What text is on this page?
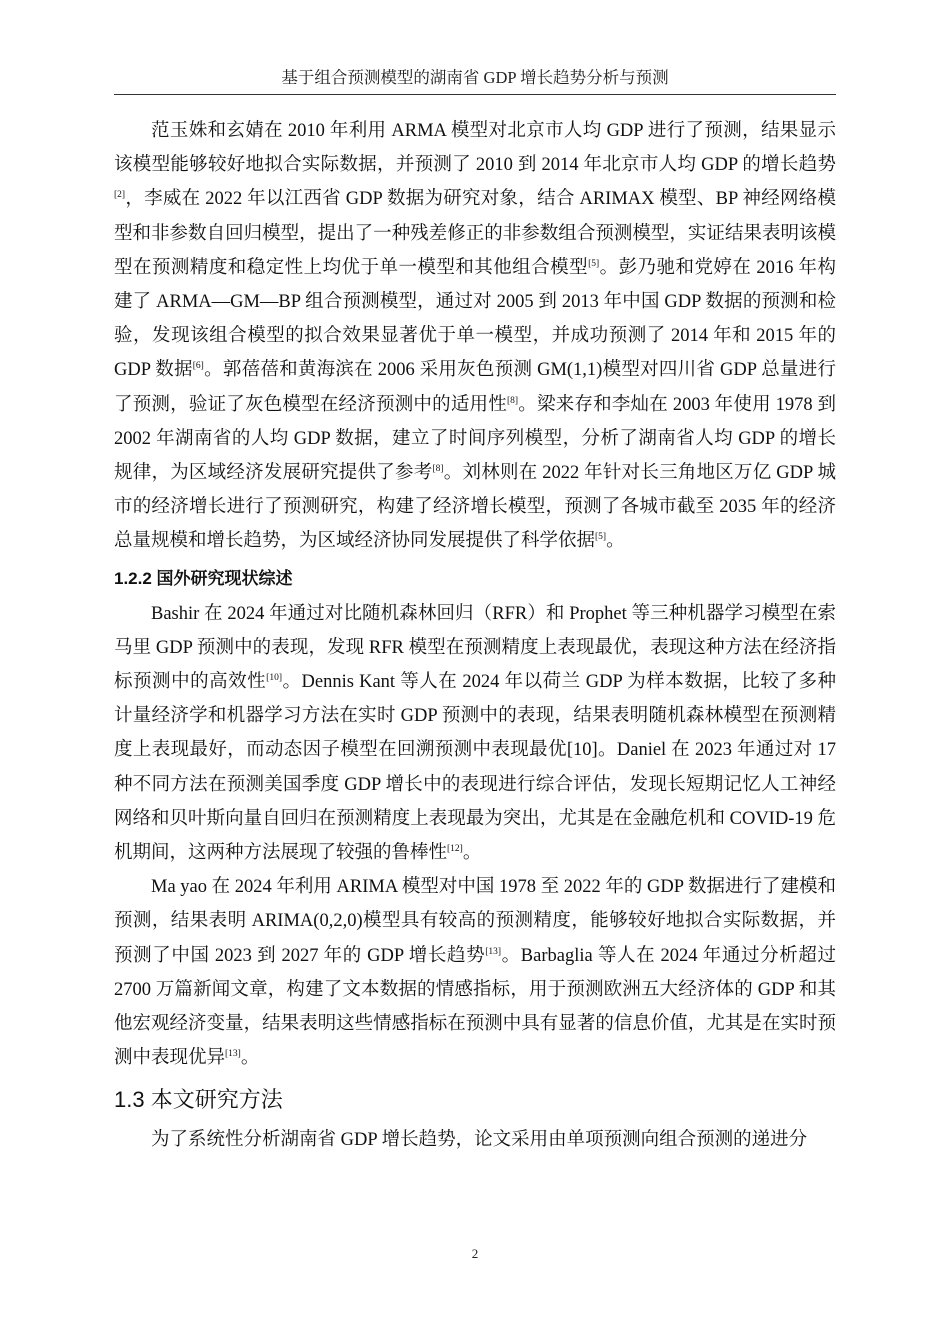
基于组合预测模型的湖南省 GDP 增长趋势分析与预测

范玉姝和玄婧在 2010 年利用 ARMA 模型对北京市人均 GDP 进行了预测，结果显示该模型能够较好地拟合实际数据，并预测了 2010 到 2014 年北京市人均 GDP 的增长趋势[2]，李威在 2022 年以江西省 GDP 数据为研究对象，结合 ARIMAX 模型、BP 神经网络模型和非参数自回归模型，提出了一种残差修正的非参数组合预测模型，实证结果表明该模型在预测精度和稳定性上均优于单一模型和其他组合模型[5]。彭乃驰和党婷在 2016 年构建了 ARMA—GM—BP 组合预测模型，通过对 2005 到 2013 年中国 GDP 数据的预测和检验，发现该组合模型的拟合效果显著优于单一模型，并成功预测了 2014 年和 2015 年的 GDP 数据[6]。郭蓓蓓和黄海滨在 2006 采用灰色预测 GM(1,1)模型对四川省 GDP 总量进行了预测，验证了灰色模型在经济预测中的适用性[8]。梁来存和李灿在 2003 年使用 1978 到 2002 年湖南省的人均 GDP 数据，建立了时间序列模型，分析了湖南省人均 GDP 的增长规律，为区域经济发展研究提供了参考[8]。刘林则在 2022 年针对长三角地区万亿 GDP 城市的经济增长进行了预测研究，构建了经济增长模型，预测了各城市截至 2035 年的经济总量规模和增长趋势，为区域经济协同发展提供了科学依据[5]。

1.2.2 国外研究现状综述

Bashir 在 2024 年通过对比随机森林回归（RFR）和 Prophet 等三种机器学习模型在索马里 GDP 预测中的表现，发现 RFR 模型在预测精度上表现最优，表现这种方法在经济指标预测中的高效性[10]。Dennis Kant 等人在 2024 年以荷兰 GDP 为样本数据，比较了多种计量经济学和机器学习方法在实时 GDP 预测中的表现，结果表明随机森林模型在预测精度上表现最好，而动态因子模型在回溯预测中表现最优[10]。Daniel 在 2023 年通过对 17 种不同方法在预测美国季度 GDP 增长中的表现进行综合评估，发现长短期记忆人工神经网络和贝叶斯向量自回归在预测精度上表现最为突出，尤其是在金融危机和 COVID-19 危机期间，这两种方法展现了较强的鲁棒性[12]。

Ma yao 在 2024 年利用 ARIMA 模型对中国 1978 至 2022 年的 GDP 数据进行了建模和预测，结果表明 ARIMA(0,2,0)模型具有较高的预测精度，能够较好地拟合实际数据，并预测了中国 2023 到 2027 年的 GDP 增长趋势[13]。Barbaglia 等人在 2024 年通过分析超过 2700 万篇新闻文章，构建了文本数据的情感指标，用于预测欧洲五大经济体的 GDP 和其他宏观经济变量，结果表明这些情感指标在预测中具有显著的信息价值，尤其是在实时预测中表现优异[13]。

1.3 本文研究方法

为了系统性分析湖南省 GDP 增长趋势，论文采用由单项预测向组合预测的递进分

2
